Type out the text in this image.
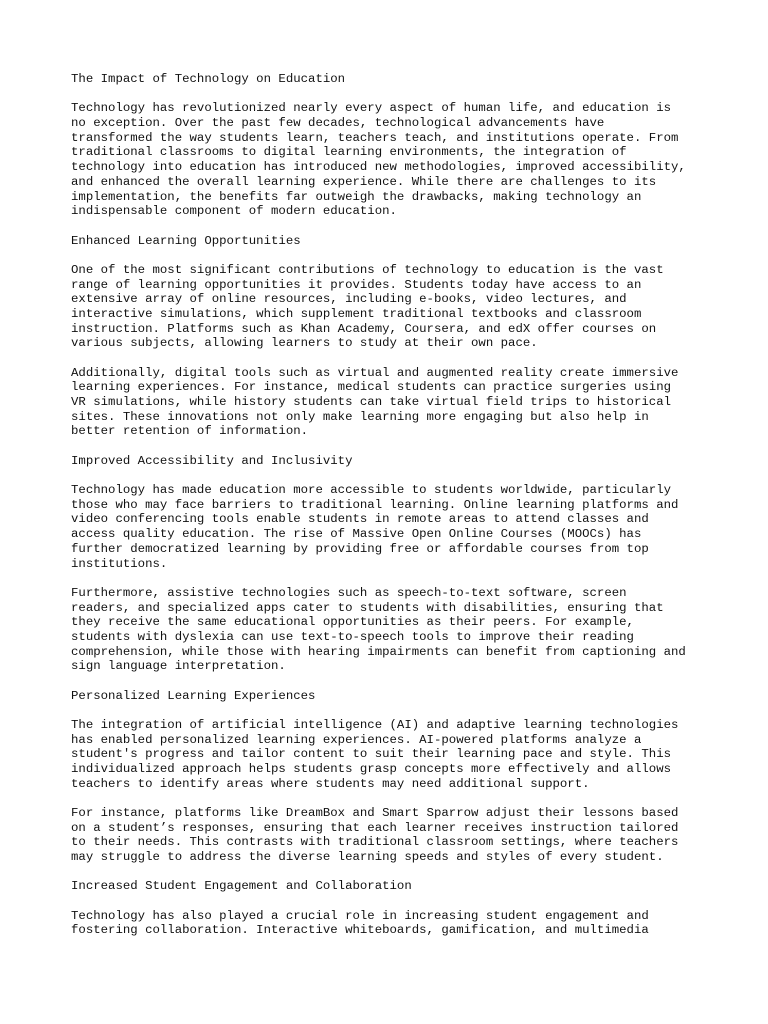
The Impact of Technology on Education
Technology has revolutionized nearly every aspect of human life, and education is
no exception. Over the past few decades, technological advancements have
transformed the way students learn, teachers teach, and institutions operate. From
traditional classrooms to digital learning environments, the integration of
technology into education has introduced new methodologies, improved accessibility,
and enhanced the overall learning experience. While there are challenges to its
implementation, the benefits far outweigh the drawbacks, making technology an
indispensable component of modern education.
Enhanced Learning Opportunities
One of the most significant contributions of technology to education is the vast
range of learning opportunities it provides. Students today have access to an
extensive array of online resources, including e-books, video lectures, and
interactive simulations, which supplement traditional textbooks and classroom
instruction. Platforms such as Khan Academy, Coursera, and edX offer courses on
various subjects, allowing learners to study at their own pace.
Additionally, digital tools such as virtual and augmented reality create immersive
learning experiences. For instance, medical students can practice surgeries using
VR simulations, while history students can take virtual field trips to historical
sites. These innovations not only make learning more engaging but also help in
better retention of information.
Improved Accessibility and Inclusivity
Technology has made education more accessible to students worldwide, particularly
those who may face barriers to traditional learning. Online learning platforms and
video conferencing tools enable students in remote areas to attend classes and
access quality education. The rise of Massive Open Online Courses (MOOCs) has
further democratized learning by providing free or affordable courses from top
institutions.
Furthermore, assistive technologies such as speech-to-text software, screen
readers, and specialized apps cater to students with disabilities, ensuring that
they receive the same educational opportunities as their peers. For example,
students with dyslexia can use text-to-speech tools to improve their reading
comprehension, while those with hearing impairments can benefit from captioning and
sign language interpretation.
Personalized Learning Experiences
The integration of artificial intelligence (AI) and adaptive learning technologies
has enabled personalized learning experiences. AI-powered platforms analyze a
student's progress and tailor content to suit their learning pace and style. This
individualized approach helps students grasp concepts more effectively and allows
teachers to identify areas where students may need additional support.
For instance, platforms like DreamBox and Smart Sparrow adjust their lessons based
on a student’s responses, ensuring that each learner receives instruction tailored
to their needs. This contrasts with traditional classroom settings, where teachers
may struggle to address the diverse learning speeds and styles of every student.
Increased Student Engagement and Collaboration
Technology has also played a crucial role in increasing student engagement and
fostering collaboration. Interactive whiteboards, gamification, and multimedia
